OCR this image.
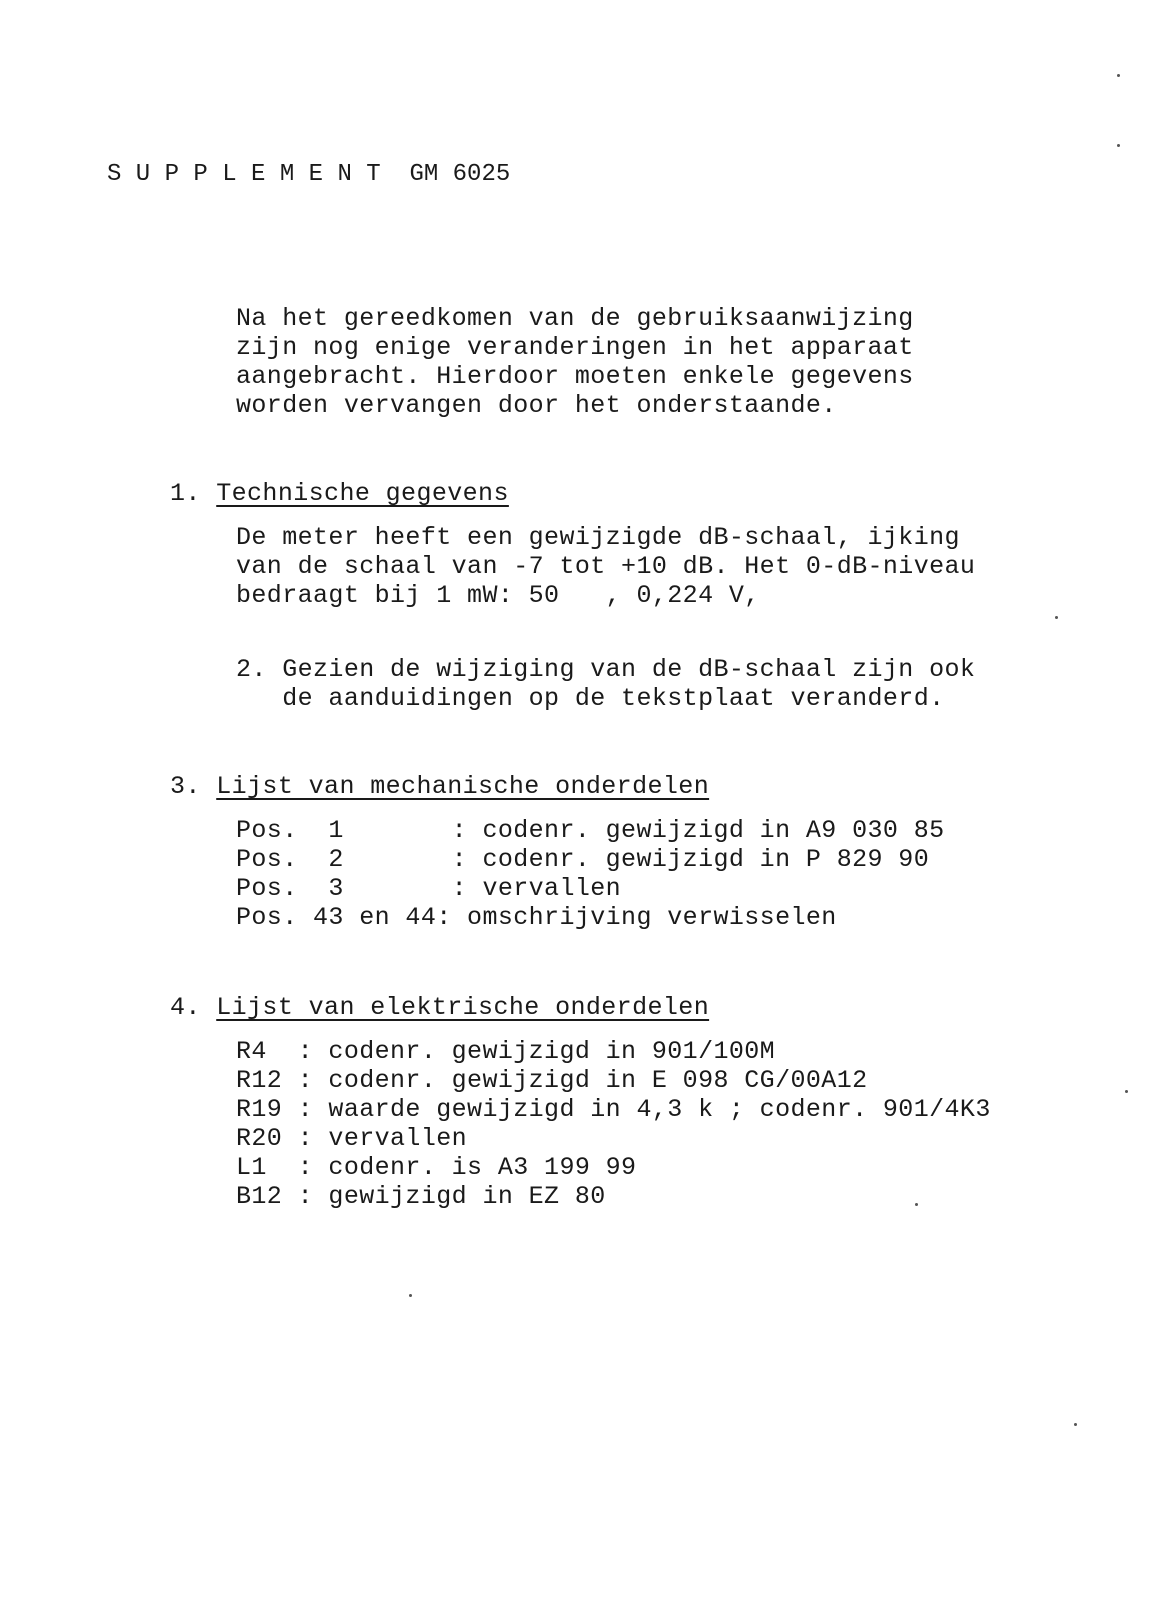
S U P P L E M E N T  GM 6025
Na het gereedkomen van de gebruiksaanwijzing
zijn nog enige veranderingen in het apparaat
aangebracht. Hierdoor moeten enkele gegevens
worden vervangen door het onderstaande.
1. Technische gegevens
De meter heeft een gewijzigde dB-schaal, ijking
van de schaal van -7 tot +10 dB. Het 0-dB-niveau
bedraagt bij 1 mW: 50   , 0,224 V,
2. Gezien de wijziging van de dB-schaal zijn ook
de aanduidingen op de tekstplaat veranderd.
3. Lijst van mechanische onderdelen
Pos.  1       : codenr. gewijzigd in A9 030 85
Pos.  2       : codenr. gewijzigd in P 829 90
Pos.  3       : vervallen
Pos. 43 en 44: omschrijving verwisselen
4. Lijst van elektrische onderdelen
R4  : codenr. gewijzigd in 901/100M
R12 : codenr. gewijzigd in E 098 CG/00A12
R19 : waarde gewijzigd in 4,3 k ; codenr. 901/4K3
R20 : vervallen
L1  : codenr. is A3 199 99
B12 : gewijzigd in EZ 80
